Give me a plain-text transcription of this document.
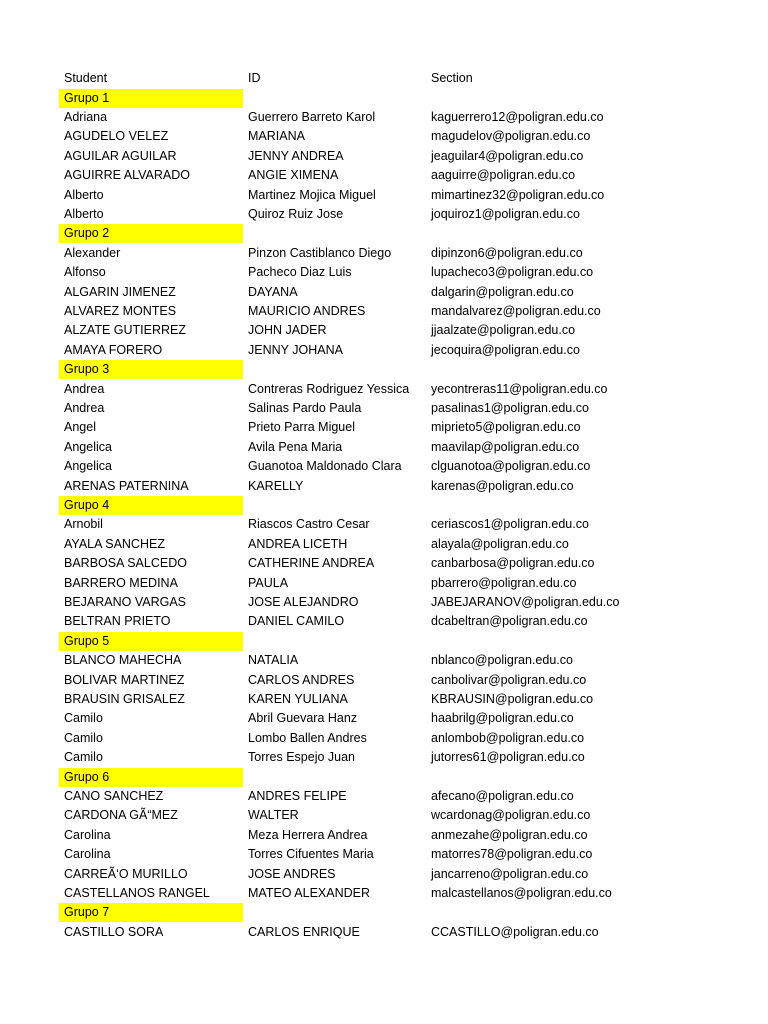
Student	ID	Section
Grupo 1
Adriana	Guerrero Barreto Karol	kaguerrero12@poligran.edu.co
AGUDELO VELEZ	MARIANA	magudelov@poligran.edu.co
AGUILAR AGUILAR	JENNY ANDREA	jeaguilar4@poligran.edu.co
AGUIRRE ALVARADO	ANGIE XIMENA	aaguirre@poligran.edu.co
Alberto	Martinez Mojica Miguel	mimartinez32@poligran.edu.co
Alberto	Quiroz Ruiz Jose	joquiroz1@poligran.edu.co
Grupo 2
Alexander	Pinzon Castiblanco Diego	dipinzon6@poligran.edu.co
Alfonso	Pacheco Diaz Luis	lupacheco3@poligran.edu.co
ALGARIN JIMENEZ	DAYANA	dalgarin@poligran.edu.co
ALVAREZ MONTES	MAURICIO ANDRES	mandalvarez@poligran.edu.co
ALZATE GUTIERREZ	JOHN JADER	jjaalzate@poligran.edu.co
AMAYA FORERO	JENNY JOHANA	jecoquira@poligran.edu.co
Grupo 3
Andrea	Contreras Rodriguez Yessica yecontreras11@poligran.edu.co
Andrea	Salinas Pardo Paula	pasalinas1@poligran.edu.co
Angel	Prieto Parra Miguel	miprieto5@poligran.edu.co
Angelica	Avila Pena Maria	maavilap@poligran.edu.co
Angelica	Guanotoa Maldonado Clara clguanotoa@poligran.edu.co
ARENAS PATERNINA	KARELLY	karenas@poligran.edu.co
Grupo 4
Arnobil	Riascos Castro Cesar	ceriascos1@poligran.edu.co
AYALA SANCHEZ	ANDREA LICETH	alayala@poligran.edu.co
BARBOSA SALCEDO	CATHERINE ANDREA	canbarbosa@poligran.edu.co
BARRERO MEDINA	PAULA	pbarrero@poligran.edu.co
BEJARANO VARGAS	JOSE ALEJANDRO	JABEJARANOV@poligran.edu.co
BELTRAN PRIETO	DANIEL CAMILO	dcabeltran@poligran.edu.co
Grupo 5
BLANCO MAHECHA	NATALIA	nblanco@poligran.edu.co
BOLIVAR MARTINEZ	CARLOS ANDRES	canbolivar@poligran.edu.co
BRAUSIN GRISALEZ	KAREN YULIANA	KBRAUSIN@poligran.edu.co
Camilo	Abril Guevara Hanz	haabrilg@poligran.edu.co
Camilo	Lombo Ballen Andres	anlombob@poligran.edu.co
Camilo	Torres Espejo Juan	jutorres61@poligran.edu.co
Grupo 6
CANO SANCHEZ	ANDRES FELIPE	afecano@poligran.edu.co
CARDONA GÃ“MEZ	WALTER	wcardonag@poligran.edu.co
Carolina	Meza Herrera Andrea	anmezahe@poligran.edu.co
Carolina	Torres Cifuentes Maria	matorres78@poligran.edu.co
CARREÃ‘O MURILLO	JOSE ANDRES	jancarreno@poligran.edu.co
CASTELLANOS RANGEL	MATEO ALEXANDER	malcastellanos@poligran.edu.co
Grupo 7
CASTILLO SORA	CARLOS ENRIQUE	CCASTILLO@poligran.edu.co
